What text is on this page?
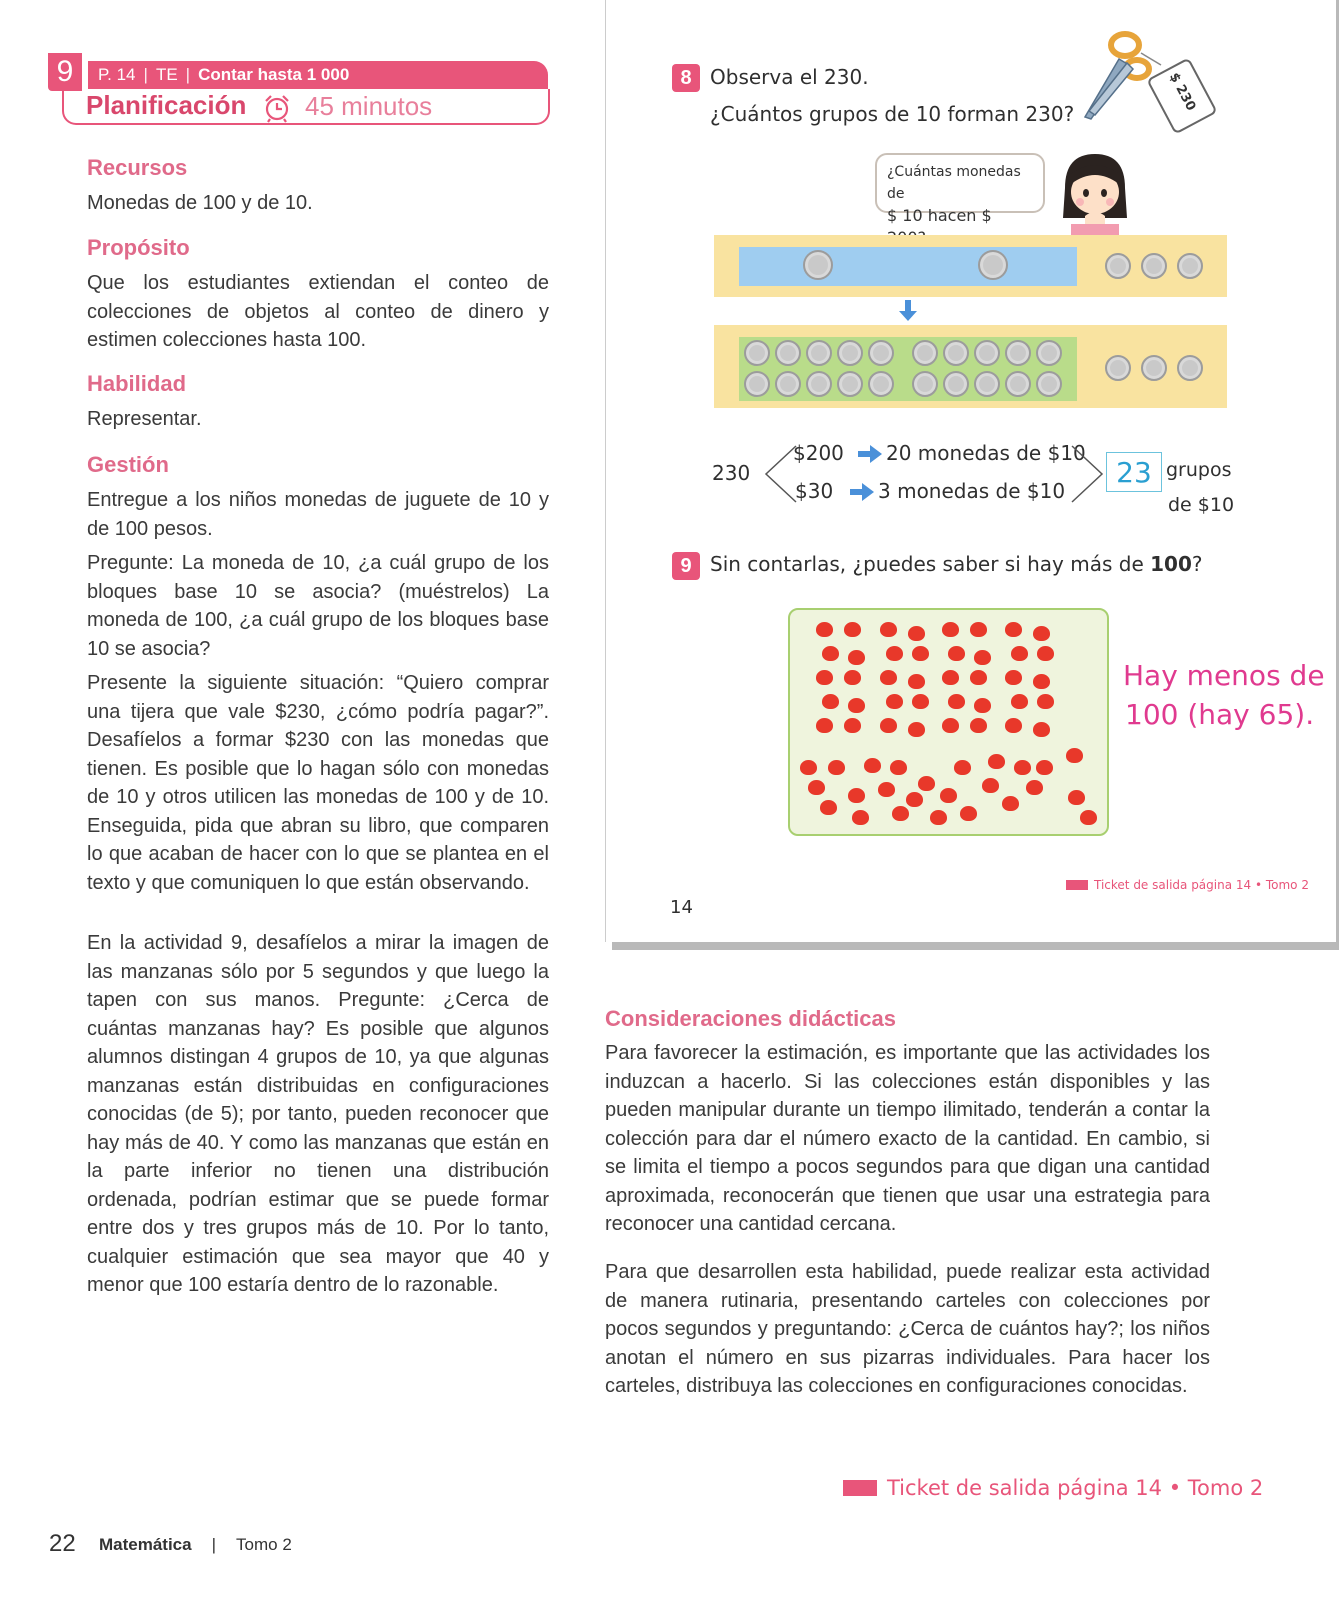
9	P. 14 | TE | Contar hasta 1 000
Planificación 45 minutos
Recursos
Monedas de 100 y de 10.
Propósito
Que los estudiantes extiendan el conteo de colecciones de objetos al conteo de dinero y estimen colecciones hasta 100.
Habilidad
Representar.
Gestión
Entregue a los niños monedas de juguete de 10 y de 100 pesos.
Pregunte: La moneda de 10, ¿a cuál grupo de los bloques base 10 se asocia? (muéstrelos) La moneda de 100, ¿a cuál grupo de los bloques base 10 se asocia?
Presente la siguiente situación: “Quiero comprar una tijera que vale $230, ¿cómo podría pagar?”. Desafíelos a formar $230 con las monedas que tienen. Es posible que lo hagan sólo con monedas de 10 y otros utilicen las monedas de 100 y de 10. Enseguida, pida que abran su libro, que comparen lo que acaban de hacer con lo que se plantea en el texto y que comuniquen lo que están observando.
En la actividad 9, desafíelos a mirar la imagen de las manzanas sólo por 5 segundos y que luego la tapen con sus manos. Pregunte: ¿Cerca de cuántas manzanas hay? Es posible que algunos alumnos distingan 4 grupos de 10, ya que algunas manzanas están distribuidas en configuraciones conocidas (de 5); por tanto, pueden reconocer que hay más de 40. Y como las manzanas que están en la parte inferior no tienen una distribución ordenada, podrían estimar que se puede formar entre dos y tres grupos más de 10. Por lo tanto, cualquier estimación que sea mayor que 40 y menor que 100 estaría dentro de lo razonable.
8 Observa el 230.
¿Cuántos grupos de 10 forman 230?
$ 230
¿Cuántas monedas de
$ 10 hacen $
230
$200 20 monedas de $10
$30 3 monedas de $10
23 grupos
de $10
9 Sin contarlas, ¿puedes saber si hay más de 100?
Hay menos de
100 (hay 65).
Ticket de salida página 14 • Tomo 2
14
Consideraciones didácticas
Para favorecer la estimación, es importante que las actividades los induzcan a hacerlo. Si las colecciones están disponibles y las pueden manipular durante un tiempo ilimitado, tenderán a contar la colección para dar el número exacto de la cantidad. En cambio, si se limita el tiempo a pocos segundos para que digan una cantidad aproximada, reconocerán que tienen que usar una estrategia para reconocer una cantidad cercana.
Para que desarrollen esta habilidad, puede realizar esta actividad de manera rutinaria, presentando carteles con colecciones por pocos segundos y preguntando: ¿Cerca de cuántos hay?; los niños anotan el número en sus pizarras individuales. Para hacer los carteles, distribuya las colecciones en configuraciones conocidas.
Ticket de salida página 14 • Tomo 2
22 Matemática | Tomo 2
